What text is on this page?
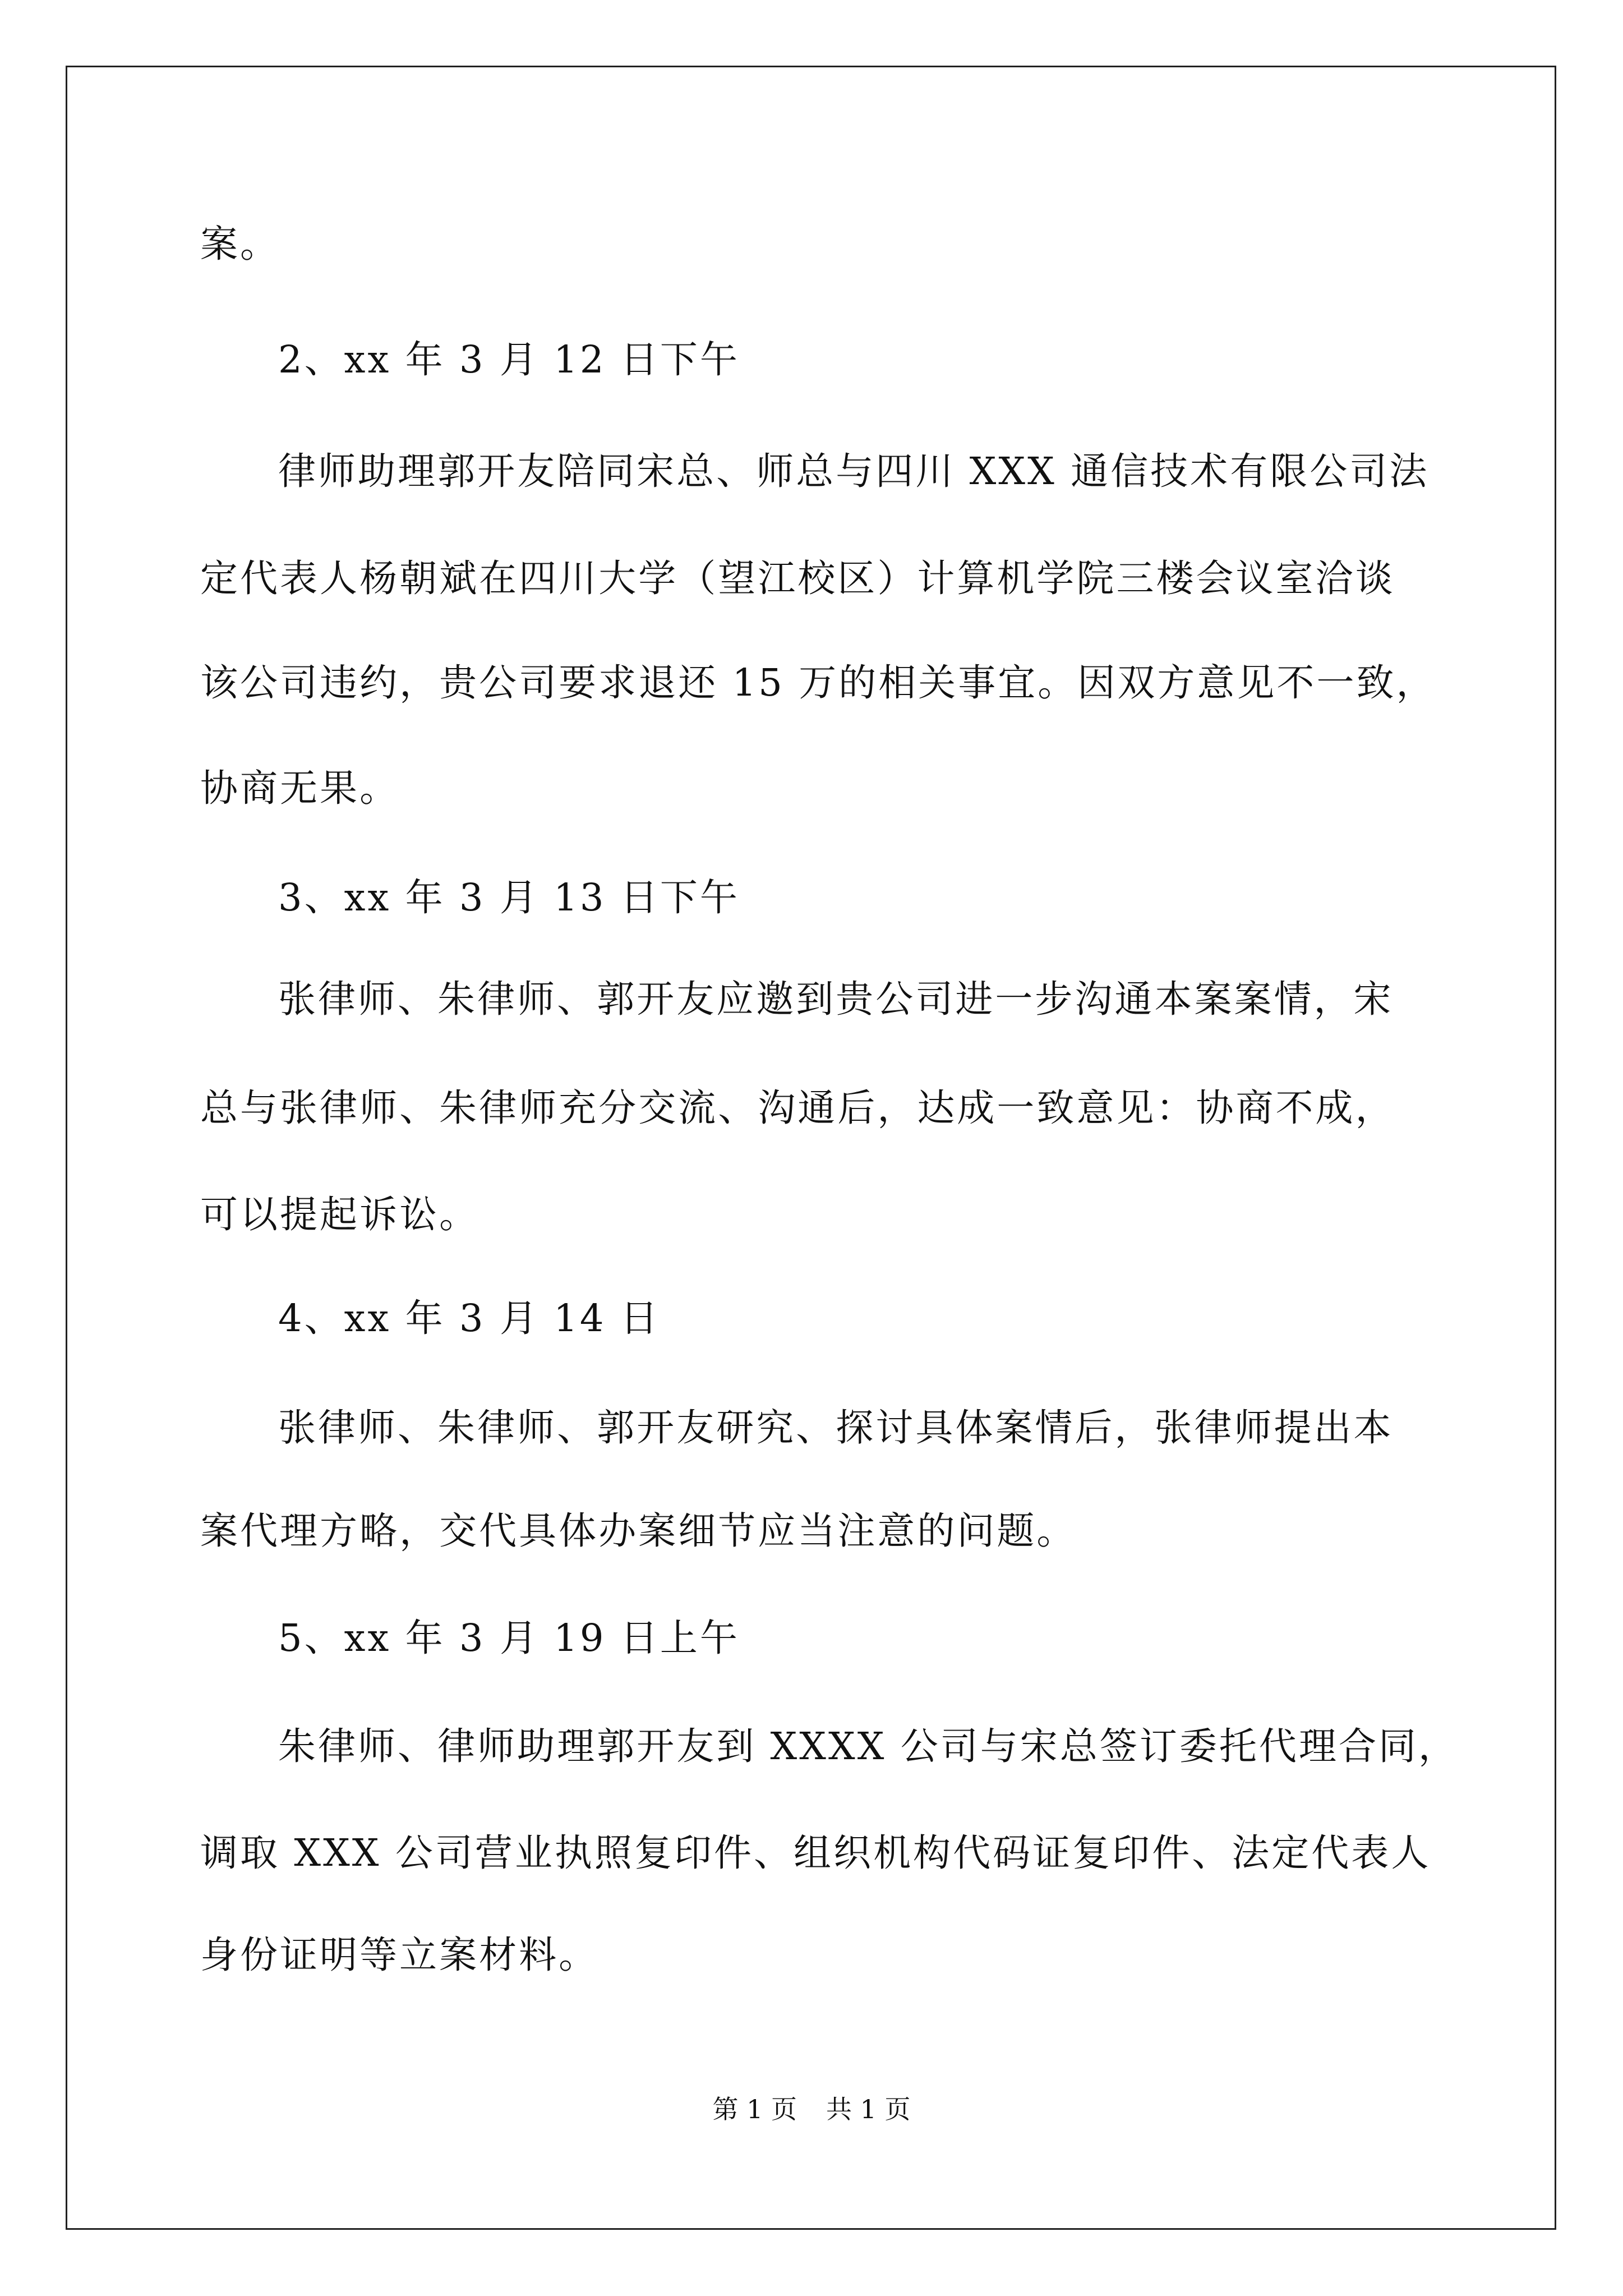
案。
2、xx 年 3 月 12 日下午
律师助理郭开友陪同宋总、师总与四川 XXX 通信技术有限公司法
定代表人杨朝斌在四川大学（望江校区）计算机学院三楼会议室洽谈
该公司违约，贵公司要求退还 15 万的相关事宜。因双方意见不一致，
协商无果。
3、xx 年 3 月 13 日下午
张律师、朱律师、郭开友应邀到贵公司进一步沟通本案案情，宋
总与张律师、朱律师充分交流、沟通后，达成一致意见：协商不成，
可以提起诉讼。
4、xx 年 3 月 14 日
张律师、朱律师、郭开友研究、探讨具体案情后，张律师提出本
案代理方略，交代具体办案细节应当注意的问题。
5、xx 年 3 月 19 日上午
朱律师、律师助理郭开友到 XXXX 公司与宋总签订委托代理合同，
调取 XXX 公司营业执照复印件、组织机构代码证复印件、法定代表人
身份证明等立案材料。
第 1 页 共 1 页
